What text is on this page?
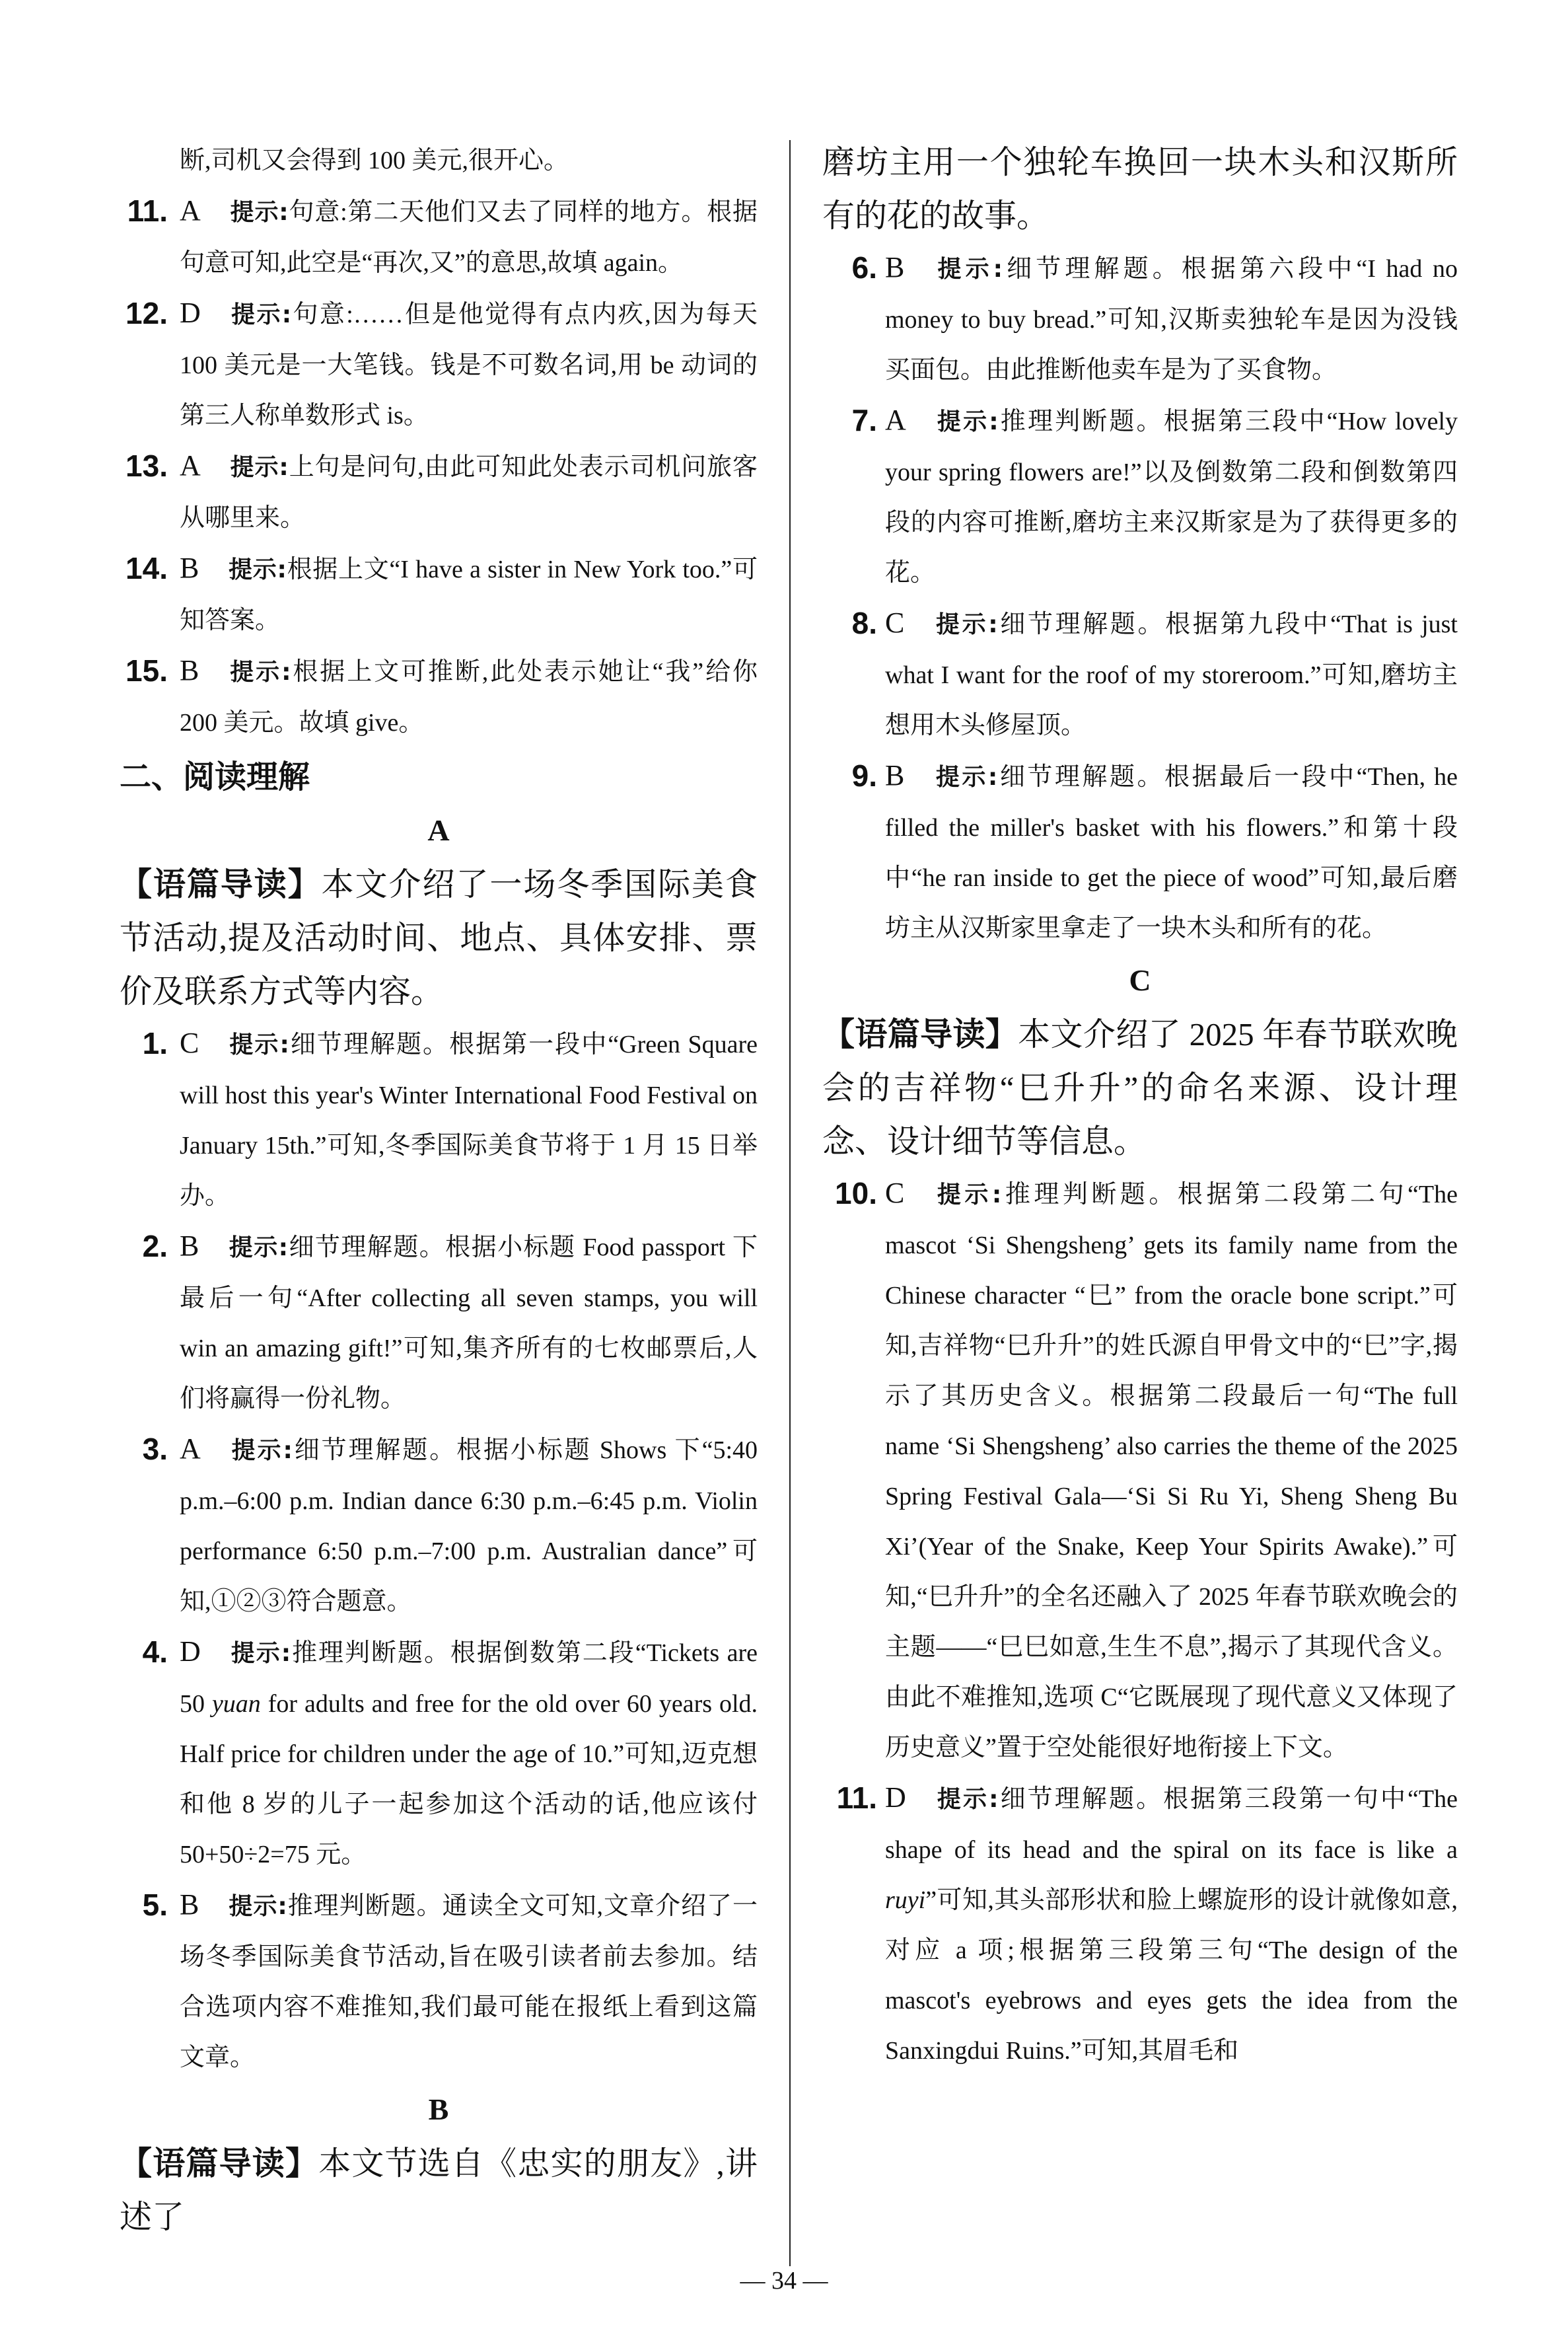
断,司机又会得到 100 美元,很开心。
11. A 提示:句意:第二天他们又去了同样的地方。根据句意可知,此空是“再次,又”的意思,故填 again。
12. D 提示:句意:……但是他觉得有点内疚,因为每天 100 美元是一大笔钱。钱是不可数名词,用 be 动词的第三人称单数形式 is。
13. A 提示:上句是问句,由此可知此处表示司机问旅客从哪里来。
14. B 提示:根据上文“I have a sister in New York too.”可知答案。
15. B 提示:根据上文可推断,此处表示她让“我”给你 200 美元。故填 give。
二、阅读理解
A
【语篇导读】本文介绍了一场冬季国际美食节活动,提及活动时间、地点、具体安排、票价及联系方式等内容。
1. C 提示:细节理解题。根据第一段中“Green Square will host this year's Winter International Food Festival on January 15th.”可知,冬季国际美食节将于 1 月 15 日举办。
2. B 提示:细节理解题。根据小标题 Food passport 下最后一句“After collecting all seven stamps, you will win an amazing gift!”可知,集齐所有的七枚邮票后,人们将赢得一份礼物。
3. A 提示:细节理解题。根据小标题 Shows 下“5:40 p.m.–6:00 p.m. Indian dance 6:30 p.m.–6:45 p.m. Violin performance 6:50 p.m.–7:00 p.m. Australian dance”可知,①②③符合题意。
4. D 提示:推理判断题。根据倒数第二段“Tickets are 50 yuan for adults and free for the old over 60 years old. Half price for children under the age of 10.”可知,迈克想和他 8 岁的儿子一起参加这个活动的话,他应该付 50+50÷2=75 元。
5. B 提示:推理判断题。通读全文可知,文章介绍了一场冬季国际美食节活动,旨在吸引读者前去参加。结合选项内容不难推知,我们最可能在报纸上看到这篇文章。
B
【语篇导读】本文节选自《忠实的朋友》,讲述了
磨坊主用一个独轮车换回一块木头和汉斯所有的花的故事。
6. B 提示:细节理解题。根据第六段中“I had no money to buy bread.”可知,汉斯卖独轮车是因为没钱买面包。由此推断他卖车是为了买食物。
7. A 提示:推理判断题。根据第三段中“How lovely your spring flowers are!”以及倒数第二段和倒数第四段的内容可推断,磨坊主来汉斯家是为了获得更多的花。
8. C 提示:细节理解题。根据第九段中“That is just what I want for the roof of my storeroom.”可知,磨坊主想用木头修屋顶。
9. B 提示:细节理解题。根据最后一段中“Then, he filled the miller's basket with his flowers.”和第十段中“he ran inside to get the piece of wood”可知,最后磨坊主从汉斯家里拿走了一块木头和所有的花。
C
【语篇导读】本文介绍了 2025 年春节联欢晚会的吉祥物“巳升升”的命名来源、设计理念、设计细节等信息。
10. C 提示:推理判断题。根据第二段第二句“The mascot ‘Si Shengsheng’ gets its family name from the Chinese character “巳” from the oracle bone script.”可知,吉祥物“巳升升”的姓氏源自甲骨文中的“巳”字,揭示了其历史含义。根据第二段最后一句“The full name ‘Si Shengsheng’ also carries the theme of the 2025 Spring Festival Gala—‘Si Si Ru Yi, Sheng Sheng Bu Xi’(Year of the Snake, Keep Your Spirits Awake).”可知,“巳升升”的全名还融入了 2025 年春节联欢晚会的主题——“巳巳如意,生生不息”,揭示了其现代含义。由此不难推知,选项 C“它既展现了现代意义又体现了历史意义”置于空处能很好地衔接上下文。
11. D 提示:细节理解题。根据第三段第一句中“The shape of its head and the spiral on its face is like a ruyi”可知,其头部形状和脸上螺旋形的设计就像如意,对应 a 项;根据第三段第三句“The design of the mascot's eyebrows and eyes gets the idea from the Sanxingdui Ruins.”可知,其眉毛和
— 34 —
